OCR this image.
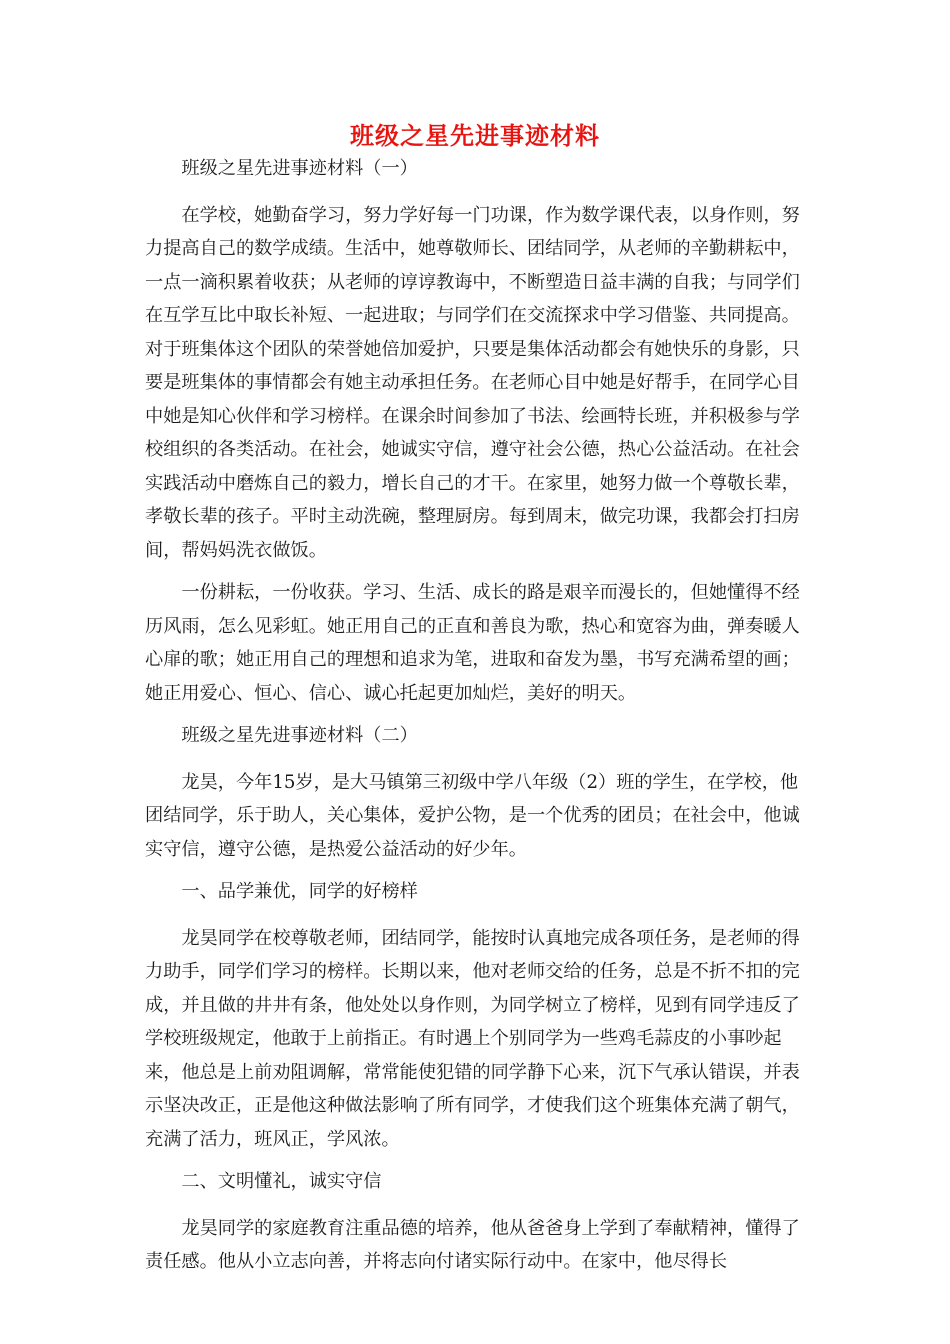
班级之星先进事迹材料

班级之星先进事迹材料（一）

在学校，她勤奋学习，努力学好每一门功课，作为数学课代表，以身作则，努力提高自己的数学成绩。生活中，她尊敬师长、团结同学，从老师的辛勤耕耘中，一点一滴积累着收获；从老师的谆谆教诲中，不断塑造日益丰满的自我；与同学们在互学互比中取长补短、一起进取；与同学们在交流探求中学习借鉴、共同提高。对于班集体这个团队的荣誉她倍加爱护，只要是集体活动都会有她快乐的身影，只要是班集体的事情都会有她主动承担任务。在老师心目中她是好帮手，在同学心目中她是知心伙伴和学习榜样。在课余时间参加了书法、绘画特长班，并积极参与学校组织的各类活动。在社会，她诚实守信，遵守社会公德，热心公益活动。在社会实践活动中磨炼自己的毅力，增长自己的才干。在家里，她努力做一个尊敬长辈，孝敬长辈的孩子。平时主动洗碗，整理厨房。每到周末，做完功课，我都会打扫房间，帮妈妈洗衣做饭。

一份耕耘，一份收获。学习、生活、成长的路是艰辛而漫长的，但她懂得不经历风雨，怎么见彩虹。她正用自己的正直和善良为歌，热心和宽容为曲，弹奏暖人心扉的歌；她正用自己的理想和追求为笔，进取和奋发为墨，书写充满希望的画；她正用爱心、恒心、信心、诚心托起更加灿烂，美好的明天。

班级之星先进事迹材料（二）

龙昊，今年15岁，是大马镇第三初级中学八年级（2）班的学生，在学校，他团结同学，乐于助人，关心集体，爱护公物，是一个优秀的团员；在社会中，他诚实守信，遵守公德，是热爱公益活动的好少年。

一、品学兼优，同学的好榜样

龙昊同学在校尊敬老师，团结同学，能按时认真地完成各项任务，是老师的得力助手，同学们学习的榜样。长期以来，他对老师交给的任务，总是不折不扣的完成，并且做的井井有条，他处处以身作则，为同学树立了榜样，见到有同学违反了学校班级规定，他敢于上前指正。有时遇上个别同学为一些鸡毛蒜皮的小事吵起来，他总是上前劝阻调解，常常能使犯错的同学静下心来，沉下气承认错误，并表示坚决改正，正是他这种做法影响了所有同学，才使我们这个班集体充满了朝气，充满了活力，班风正，学风浓。

二、文明懂礼，诚实守信

龙昊同学的家庭教育注重品德的培养，他从爸爸身上学到了奉献精神，懂得了责任感。他从小立志向善，并将志向付诸实际行动中。在家中，他尽得长
